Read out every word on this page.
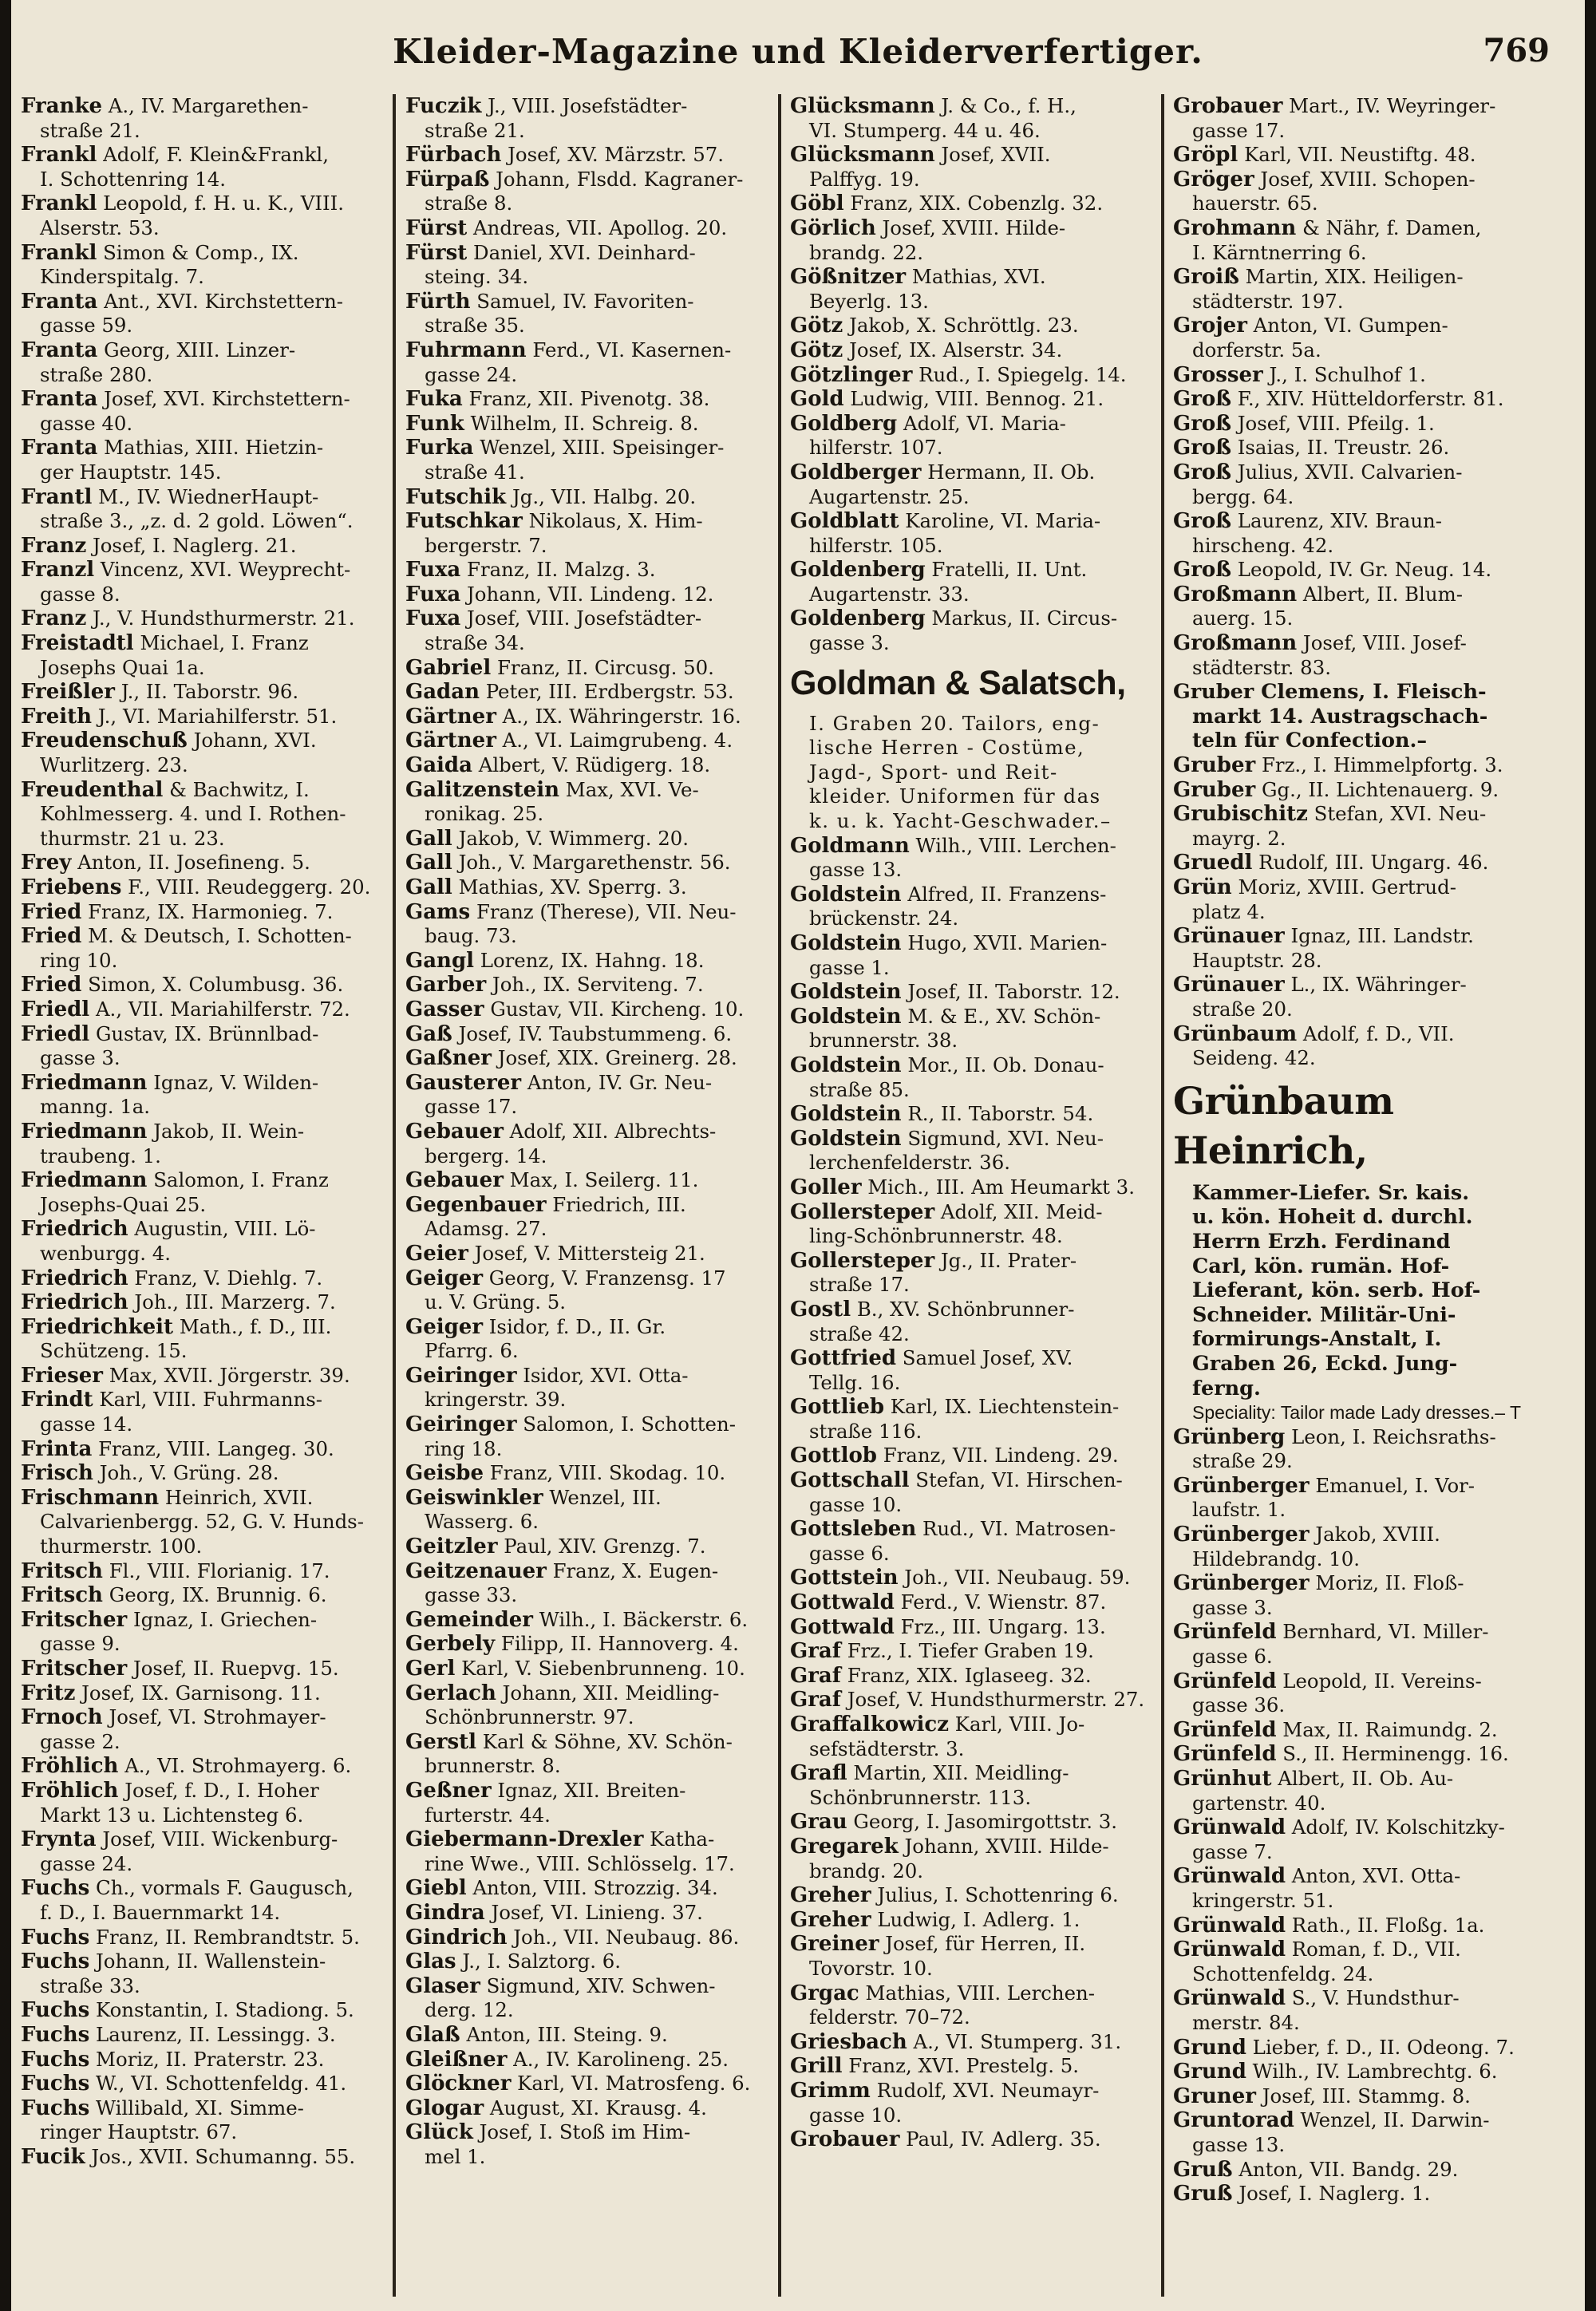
Kleider-Magazine und Kleiderverfertiger.	769
Franke A., IV. Margarethen-
straße 21.
Frankl Adolf, F. Klein&Frankl,
I. Schottenring 14.
Frankl Leopold, f. H. u. K., VIII.
Alserstr. 53.
Frankl Simon & Comp., IX.
Kinderspitalg. 7.
Franta Ant., XVI. Kirchstettern-
gasse 59.
Franta Georg, XIII. Linzer-
straße 280.
Franta Josef, XVI. Kirchstettern-
gasse 40.
Franta Mathias, XIII. Hietzin-
ger Hauptstr. 145.
Frantl M., IV. WiednerHaupt-
straße 3., „z. d. 2 gold. Löwen“.
Franz Josef, I. Naglerg. 21.
Franzl Vincenz, XVI. Weyprecht-
gasse 8.
Franz J., V. Hundsthurmerstr. 21.
Freistadtl Michael, I. Franz
Josephs Quai 1a.
Freißler J., II. Taborstr. 96.
Freith J., VI. Mariahilferstr. 51.
Freudenschuß Johann, XVI.
Wurlitzerg. 23.
Freudenthal & Bachwitz, I.
Kohlmesserg. 4. und I. Rothen-
thurmstr. 21 u. 23.
Frey Anton, II. Josefineng. 5.
Friebens F., VIII. Reudeggerg. 20.
Fried Franz, IX. Harmonieg. 7.
Fried M. & Deutsch, I. Schotten-
ring 10.
Fried Simon, X. Columbusg. 36.
Friedl A., VII. Mariahilferstr. 72.
Friedl Gustav, IX. Brünnlbad-
gasse 3.
Friedmann Ignaz, V. Wilden-
manng. 1a.
Friedmann Jakob, II. Wein-
traubeng. 1.
Friedmann Salomon, I. Franz
Josephs-Quai 25.
Friedrich Augustin, VIII. Lö-
wenburgg. 4.
Friedrich Franz, V. Diehlg. 7.
Friedrich Joh., III. Marzerg. 7.
Friedrichkeit Math., f. D., III.
Schützeng. 15.
Frieser Max, XVII. Jörgerstr. 39.
Frindt Karl, VIII. Fuhrmanns-
gasse 14.
Frinta Franz, VIII. Langeg. 30.
Frisch Joh., V. Grüng. 28.
Frischmann Heinrich, XVII.
Calvarienbergg. 52, G. V. Hunds-
thurmerstr. 100.
Fritsch Fl., VIII. Florianig. 17.
Fritsch Georg, IX. Brunnig. 6.
Fritscher Ignaz, I. Griechen-
gasse 9.
Fritscher Josef, II. Ruepvg. 15.
Fritz Josef, IX. Garnisong. 11.
Frnoch Josef, VI. Strohmayer-
gasse 2.
Fröhlich A., VI. Strohmayerg. 6.
Fröhlich Josef, f. D., I. Hoher
Markt 13 u. Lichtensteg 6.
Frynta Josef, VIII. Wickenburg-
gasse 24.
Fuchs Ch., vormals F. Gaugusch,
f. D., I. Bauernmarkt 14.
Fuchs Franz, II. Rembrandtstr. 5.
Fuchs Johann, II. Wallenstein-
straße 33.
Fuchs Konstantin, I. Stadiong. 5.
Fuchs Laurenz, II. Lessingg. 3.
Fuchs Moriz, II. Praterstr. 23.
Fuchs W., VI. Schottenfeldg. 41.
Fuchs Willibald, XI. Simme-
ringer Hauptstr. 67.
Fucik Jos., XVII. Schumanng. 55.
Fuczik J., VIII. Josefstädter-
straße 21.
Fürbach Josef, XV. Märzstr. 57.
Fürpaß Johann, Flsdd. Kagraner-
straße 8.
Fürst Andreas, VII. Apollog. 20.
Fürst Daniel, XVI. Deinhard-
steing. 34.
Fürth Samuel, IV. Favoriten-
straße 35.
Fuhrmann Ferd., VI. Kasernen-
gasse 24.
Fuka Franz, XII. Pivenotg. 38.
Funk Wilhelm, II. Schreig. 8.
Furka Wenzel, XIII. Speisinger-
straße 41.
Futschik Jg., VII. Halbg. 20.
Futschkar Nikolaus, X. Him-
bergerstr. 7.
Fuxa Franz, II. Malzg. 3.
Fuxa Johann, VII. Lindeng. 12.
Fuxa Josef, VIII. Josefstädter-
straße 34.
Gabriel Franz, II. Circusg. 50.
Gadan Peter, III. Erdbergstr. 53.
Gärtner A., IX. Währingerstr. 16.
Gärtner A., VI. Laimgrubeng. 4.
Gaida Albert, V. Rüdigerg. 18.
Galitzenstein Max, XVI. Ve-
ronikag. 25.
Gall Jakob, V. Wimmerg. 20.
Gall Joh., V. Margarethenstr. 56.
Gall Mathias, XV. Sperrg. 3.
Gams Franz (Therese), VII. Neu-
baug. 73.
Gangl Lorenz, IX. Hahng. 18.
Garber Joh., IX. Serviteng. 7.
Gasser Gustav, VII. Kircheng. 10.
Gaß Josef, IV. Taubstummeng. 6.
Gaßner Josef, XIX. Greinerg. 28.
Gausterer Anton, IV. Gr. Neu-
gasse 17.
Gebauer Adolf, XII. Albrechts-
bergerg. 14.
Gebauer Max, I. Seilerg. 11.
Gegenbauer Friedrich, III.
Adamsg. 27.
Geier Josef, V. Mittersteig 21.
Geiger Georg, V. Franzensg. 17
u. V. Grüng. 5.
Geiger Isidor, f. D., II. Gr.
Pfarrg. 6.
Geiringer Isidor, XVI. Otta-
kringerstr. 39.
Geiringer Salomon, I. Schotten-
ring 18.
Geisbe Franz, VIII. Skodag. 10.
Geiswinkler Wenzel, III.
Wasserg. 6.
Geitzler Paul, XIV. Grenzg. 7.
Geitzenauer Franz, X. Eugen-
gasse 33.
Gemeinder Wilh., I. Bäckerstr. 6.
Gerbely Filipp, II. Hannoverg. 4.
Gerl Karl, V. Siebenbrunneng. 10.
Gerlach Johann, XII. Meidling-
Schönbrunnerstr. 97.
Gerstl Karl & Söhne, XV. Schön-
brunnerstr. 8.
Geßner Ignaz, XII. Breiten-
furterstr. 44.
Giebermann-Drexler Katha-
rine Wwe., VIII. Schlösselg. 17.
Giebl Anton, VIII. Strozzig. 34.
Gindra Josef, VI. Linieng. 37.
Gindrich Joh., VII. Neubaug. 86.
Glas J., I. Salztorg. 6.
Glaser Sigmund, XIV. Schwen-
derg. 12.
Glaß Anton, III. Steing. 9.
Gleißner A., IV. Karolineng. 25.
Glöckner Karl, VI. Matrosfeng. 6.
Glogar August, XI. Krausg. 4.
Glück Josef, I. Stoß im Him-
mel 1.
Glücksmann J. & Co., f. H.,
VI. Stumperg. 44 u. 46.
Glücksmann Josef, XVII.
Palffyg. 19.
Göbl Franz, XIX. Cobenzlg. 32.
Görlich Josef, XVIII. Hilde-
brandg. 22.
Gößnitzer Mathias, XVI.
Beyerlg. 13.
Götz Jakob, X. Schröttlg. 23.
Götz Josef, IX. Alserstr. 34.
Götzlinger Rud., I. Spiegelg. 14.
Gold Ludwig, VIII. Bennog. 21.
Goldberg Adolf, VI. Maria-
hilferstr. 107.
Goldberger Hermann, II. Ob.
Augartenstr. 25.
Goldblatt Karoline, VI. Maria-
hilferstr. 105.
Goldenberg Fratelli, II. Unt.
Augartenstr. 33.
Goldenberg Markus, II. Circus-
gasse 3.
Goldman & Salatsch,
I. Graben 20. Tailors, eng-
lische Herren - Costüme,
Jagd-, Sport- und Reit-
kleider. Uniformen für das
k. u. k. Yacht-Geschwader.–
Goldmann Wilh., VIII. Lerchen-
gasse 13.
Goldstein Alfred, II. Franzens-
brückenstr. 24.
Goldstein Hugo, XVII. Marien-
gasse 1.
Goldstein Josef, II. Taborstr. 12.
Goldstein M. & E., XV. Schön-
brunnerstr. 38.
Goldstein Mor., II. Ob. Donau-
straße 85.
Goldstein R., II. Taborstr. 54.
Goldstein Sigmund, XVI. Neu-
lerchenfelderstr. 36.
Goller Mich., III. Am Heumarkt 3.
Gollersteper Adolf, XII. Meid-
ling-Schönbrunnerstr. 48.
Gollersteper Jg., II. Prater-
straße 17.
Gostl B., XV. Schönbrunner-
straße 42.
Gottfried Samuel Josef, XV.
Tellg. 16.
Gottlieb Karl, IX. Liechtenstein-
straße 116.
Gottlob Franz, VII. Lindeng. 29.
Gottschall Stefan, VI. Hirschen-
gasse 10.
Gottsleben Rud., VI. Matrosen-
gasse 6.
Gottstein Joh., VII. Neubaug. 59.
Gottwald Ferd., V. Wienstr. 87.
Gottwald Frz., III. Ungarg. 13.
Graf Frz., I. Tiefer Graben 19.
Graf Franz, XIX. Iglaseeg. 32.
Graf Josef, V. Hundsthurmerstr. 27.
Graffalkowicz Karl, VIII. Jo-
sefstädterstr. 3.
Grafl Martin, XII. Meidling-
Schönbrunnerstr. 113.
Grau Georg, I. Jasomirgottstr. 3.
Gregarek Johann, XVIII. Hilde-
brandg. 20.
Greher Julius, I. Schottenring 6.
Greher Ludwig, I. Adlerg. 1.
Greiner Josef, für Herren, II.
Tovorstr. 10.
Grgac Mathias, VIII. Lerchen-
felderstr. 70–72.
Griesbach A., VI. Stumperg. 31.
Grill Franz, XVI. Prestelg. 5.
Grimm Rudolf, XVI. Neumayr-
gasse 10.
Grobauer Paul, IV. Adlerg. 35.
Grobauer Mart., IV. Weyringer-
gasse 17.
Gröpl Karl, VII. Neustiftg. 48.
Gröger Josef, XVIII. Schopen-
hauerstr. 65.
Grohmann & Nähr, f. Damen,
I. Kärntnerring 6.
Groiß Martin, XIX. Heiligen-
städterstr. 197.
Grojer Anton, VI. Gumpen-
dorferstr. 5a.
Grosser J., I. Schulhof 1.
Groß F., XIV. Hütteldorferstr. 81.
Groß Josef, VIII. Pfeilg. 1.
Groß Isaias, II. Treustr. 26.
Groß Julius, XVII. Calvarien-
bergg. 64.
Groß Laurenz, XIV. Braun-
hirscheng. 42.
Groß Leopold, IV. Gr. Neug. 14.
Großmann Albert, II. Blum-
auerg. 15.
Großmann Josef, VIII. Josef-
städterstr. 83.
Gruber Clemens, I. Fleisch-
markt 14. Austragschach-
teln für Confection.–
Gruber Frz., I. Himmelpfortg. 3.
Gruber Gg., II. Lichtenauerg. 9.
Grubischitz Stefan, XVI. Neu-
mayrg. 2.
Gruedl Rudolf, III. Ungarg. 46.
Grün Moriz, XVIII. Gertrud-
platz 4.
Grünauer Ignaz, III. Landstr.
Hauptstr. 28.
Grünauer L., IX. Währinger-
straße 20.
Grünbaum Adolf, f. D., VII.
Seideng. 42.
Grünbaum Heinrich,
Kammer-Liefer. Sr. kais.
u. kön. Hoheit d. durchl.
Herrn Erzh. Ferdinand
Carl, kön. rumän. Hof-
Lieferant, kön. serb. Hof-
Schneider. Militär-Uni-
formirungs-Anstalt, I.
Graben 26, Eckd. Jung-
ferng.
Speciality: Tailor made Lady dresses.– T
Grünberg Leon, I. Reichsraths-
straße 29.
Grünberger Emanuel, I. Vor-
laufstr. 1.
Grünberger Jakob, XVIII.
Hildebrandg. 10.
Grünberger Moriz, II. Floß-
gasse 3.
Grünfeld Bernhard, VI. Miller-
gasse 6.
Grünfeld Leopold, II. Vereins-
gasse 36.
Grünfeld Max, II. Raimundg. 2.
Grünfeld S., II. Herminengg. 16.
Grünhut Albert, II. Ob. Au-
gartenstr. 40.
Grünwald Adolf, IV. Kolschitzky-
gasse 7.
Grünwald Anton, XVI. Otta-
kringerstr. 51.
Grünwald Rath., II. Floßg. 1a.
Grünwald Roman, f. D., VII.
Schottenfeldg. 24.
Grünwald S., V. Hundsthur-
merstr. 84.
Grund Lieber, f. D., II. Odeong. 7.
Grund Wilh., IV. Lambrechtg. 6.
Gruner Josef, III. Stammg. 8.
Gruntorad Wenzel, II. Darwin-
gasse 13.
Gruß Anton, VII. Bandg. 29.
Gruß Josef, I. Naglerg. 1.
